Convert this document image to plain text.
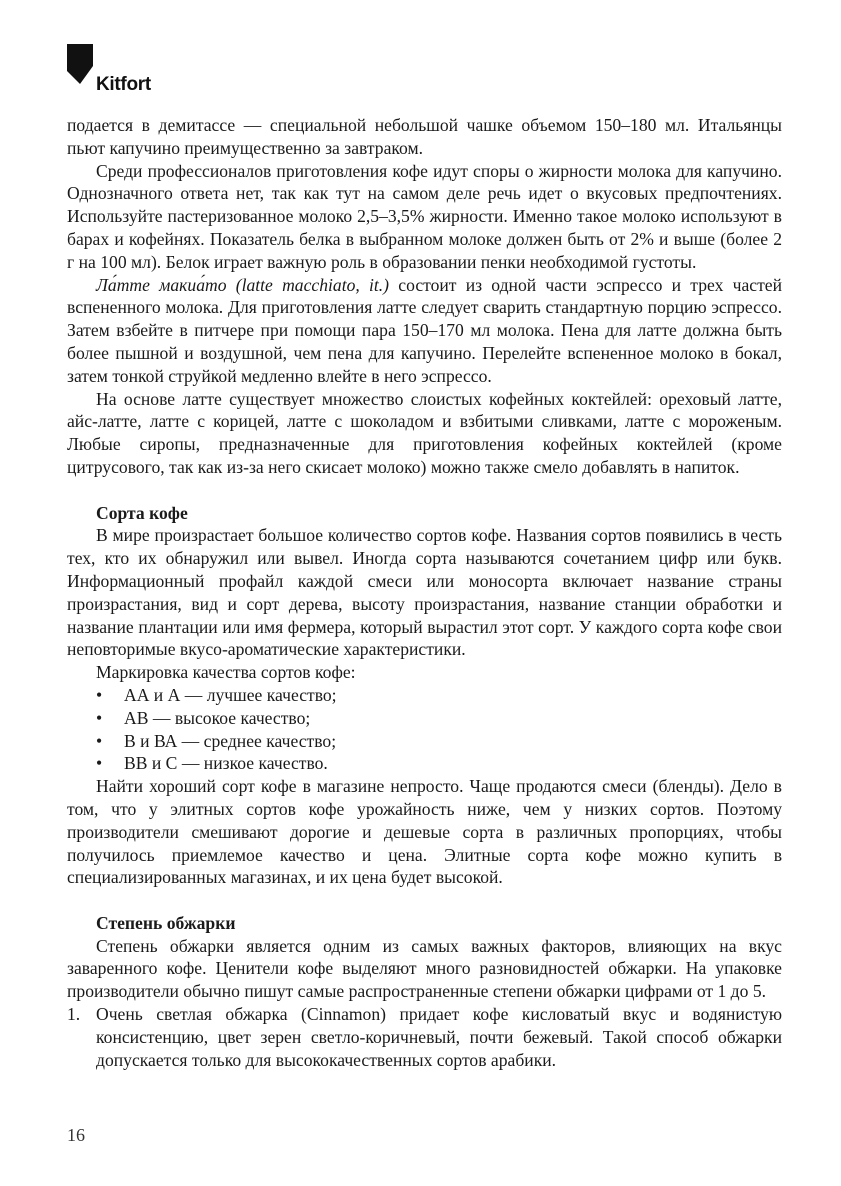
Kitfort

подается в демитассе — специальной небольшой чашке объемом 150–180 мл. Итальянцы пьют капучино преимущественно за завтраком.

Среди профессионалов приготовления кофе идут споры о жирности молока для капучино. Однозначного ответа нет, так как тут на самом деле речь идет о вкусовых предпочтениях. Используйте пастеризованное молоко 2,5–3,5% жирности. Именно такое молоко используют в барах и кофейнях. Показатель белка в выбранном молоке должен быть от 2% и выше (более 2 г на 100 мл). Белок играет важную роль в образовании пенки необходимой густоты.

Ла́тте макиа́то (latte macchiato, it.) состоит из одной части эспрессо и трех частей вспененного молока. Для приготовления латте следует сварить стандартную порцию эспрессо. Затем взбейте в питчере при помощи пара 150–170 мл молока. Пена для латте должна быть более пышной и воздушной, чем пена для капучино. Перелейте вспененное молоко в бокал, затем тонкой струйкой медленно влейте в него эспрессо.

На основе латте существует множество слоистых кофейных коктейлей: ореховый латте, айс-латте, латте с корицей, латте с шоколадом и взбитыми сливками, латте с мороженым. Любые сиропы, предназначенные для приготовления кофейных коктейлей (кроме цитрусового, так как из-за него скисает молоко) можно также смело добавлять в напиток.

Сорта кофе

В мире произрастает большое количество сортов кофе. Названия сортов появились в честь тех, кто их обнаружил или вывел. Иногда сорта называются сочетанием цифр или букв. Информационный профайл каждой смеси или моносорта включает название страны произрастания, вид и сорт дерева, высоту произрастания, название станции обработки и название плантации или имя фермера, который вырастил этот сорт. У каждого сорта кофе свои неповторимые вкусо-ароматические характеристики.

Маркировка качества сортов кофе:

• АА и А — лучшее качество;
• АВ — высокое качество;
• В и ВА — среднее качество;
• ВВ и С — низкое качество.

Найти хороший сорт кофе в магазине непросто. Чаще продаются смеси (бленды). Дело в том, что у элитных сортов кофе урожайность ниже, чем у низких сортов. Поэтому производители смешивают дорогие и дешевые сорта в различных пропорциях, чтобы получилось приемлемое качество и цена. Элитные сорта кофе можно купить в специализированных магазинах, и их цена будет высокой.

Степень обжарки

Степень обжарки является одним из самых важных факторов, влияющих на вкус заваренного кофе. Ценители кофе выделяют много разновидностей обжарки. На упаковке производители обычно пишут самые распространенные степени обжарки цифрами от 1 до 5.

1. Очень светлая обжарка (Cinnamon) придает кофе кисловатый вкус и водянистую консистенцию, цвет зерен светло-коричневый, почти бежевый. Такой способ обжарки допускается только для высококачественных сортов арабики.
16
